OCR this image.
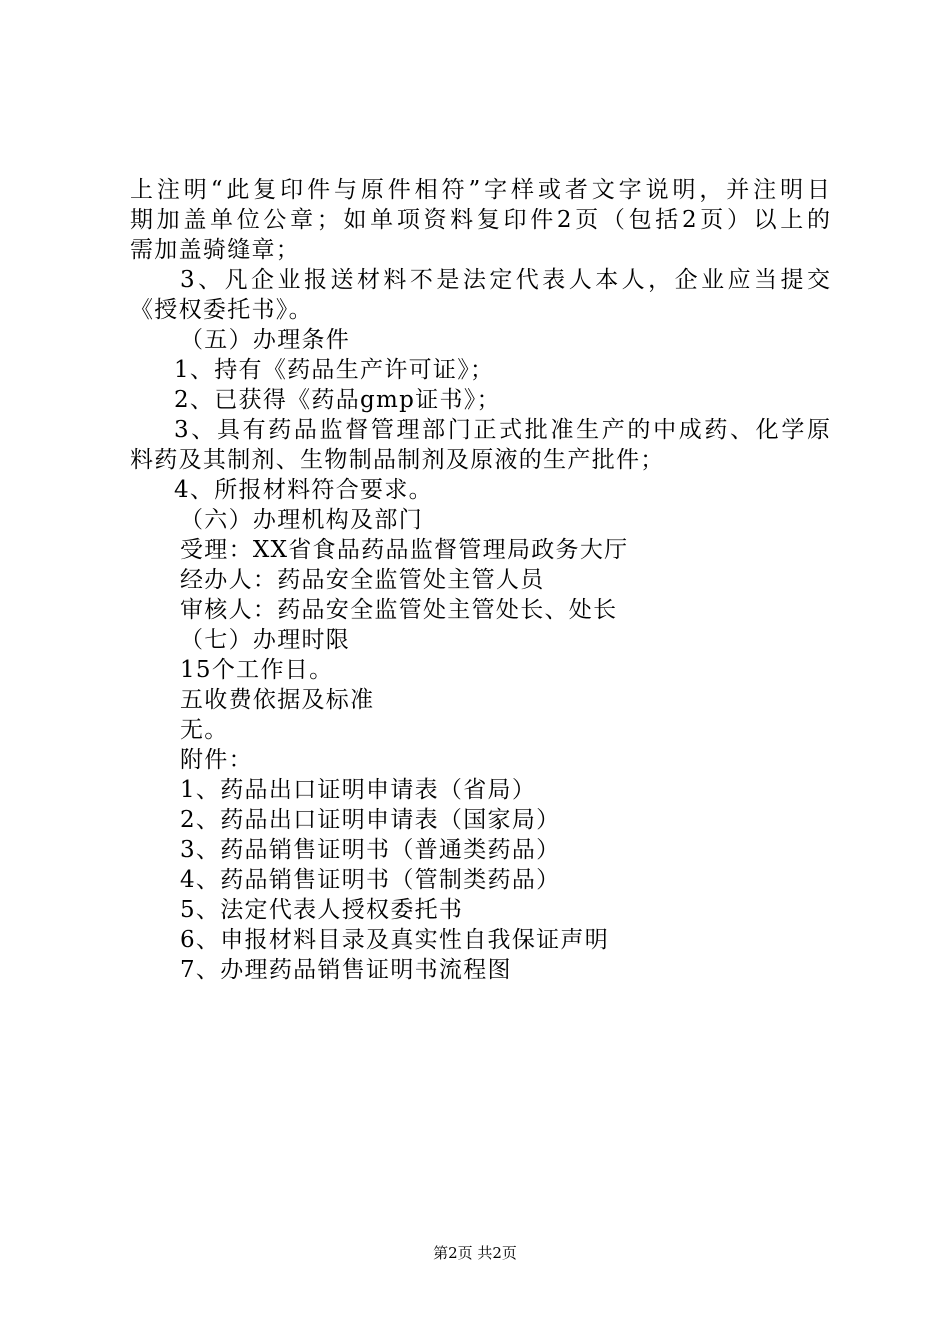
上注明“此复印件与原件相符”字样或者文字说明，并注明日
期加盖单位公章；如单项资料复印件2页（包括2页）以上的
需加盖骑缝章；
3、凡企业报送材料不是法定代表人本人，企业应当提交
《授权委托书》。
（五）办理条件
1、持有《药品生产许可证》；
2、已获得《药品gmp证书》；
3、具有药品监督管理部门正式批准生产的中成药、化学原
料药及其制剂、生物制品制剂及原液的生产批件；
4、所报材料符合要求。
（六）办理机构及部门
受理：XX省食品药品监督管理局政务大厅
经办人：药品安全监管处主管人员
审核人：药品安全监管处主管处长、处长
（七）办理时限
15个工作日。
五收费依据及标准
无。
附件：
1、药品出口证明申请表（省局）
2、药品出口证明申请表（国家局）
3、药品销售证明书（普通类药品）
4、药品销售证明书（管制类药品）
5、法定代表人授权委托书
6、申报材料目录及真实性自我保证声明
7、办理药品销售证明书流程图
第2页 共2页
